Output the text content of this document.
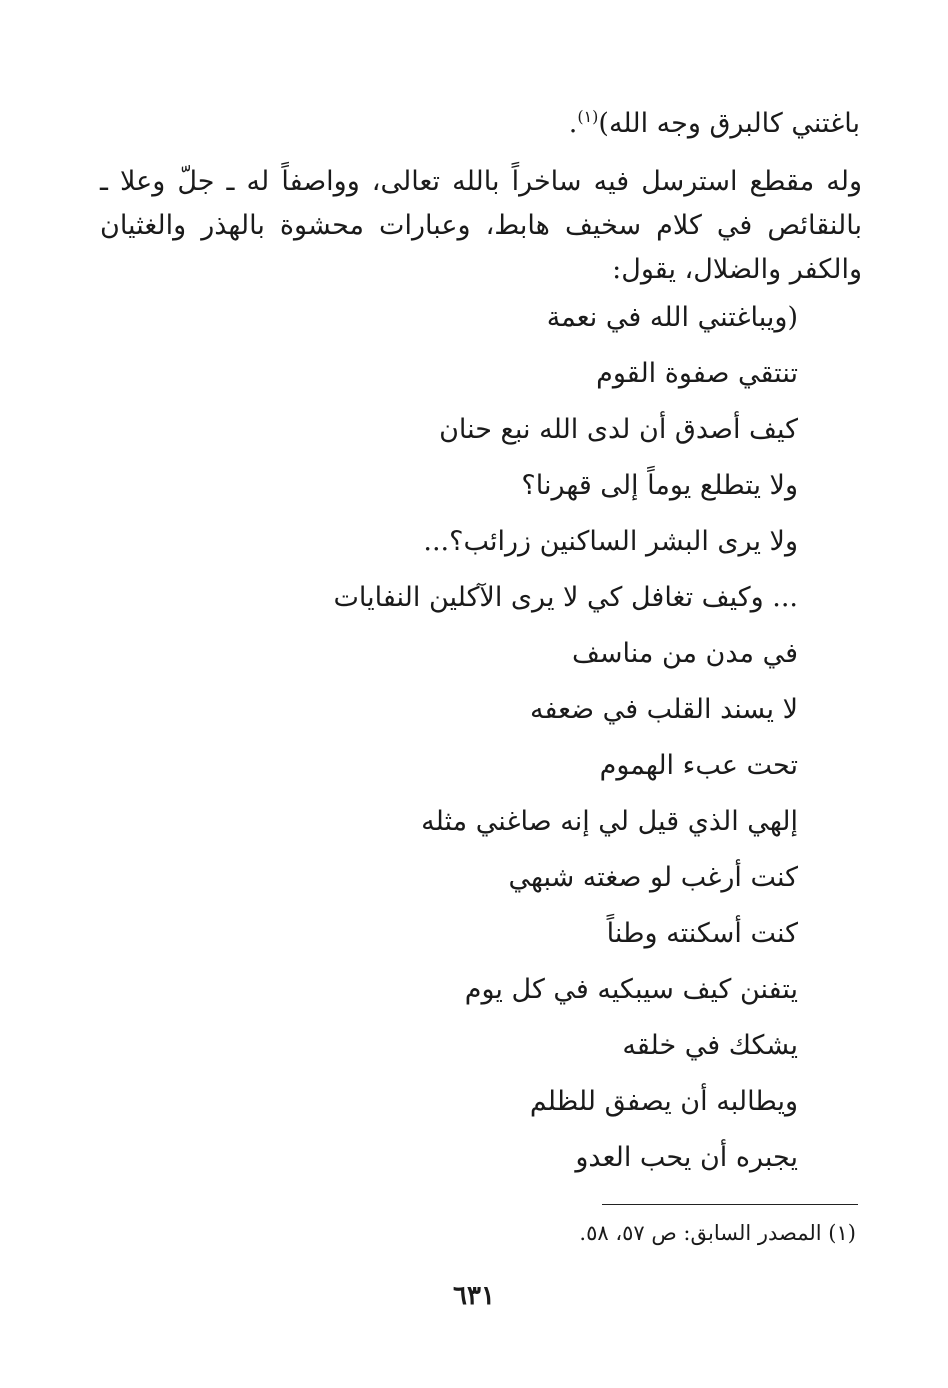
باغتني كالبرق وجه الله)$^{(١)}$.
وله مقطع استرسل فيه ساخراً بالله تعالى، وواصفاً له ـ جلّ وعلا ـ بالنقائص في كلام سخيف هابط، وعبارات محشوة بالهذر والغثيان والكفر والضلال، يقول:
(ويباغتني الله في نعمة
تنتقي صفوة القوم
كيف أصدق أن لدى الله نبع حنان
ولا يتطلع يوماً إلى قهرنا؟
ولا يرى البشر الساكنين زرائب؟...
... وكيف تغافل كي لا يرى الآكلين النفايات
في مدن من مناسف
لا يسند القلب في ضعفه
تحت عبء الهموم
إلهي الذي قيل لي إنه صاغني مثله
كنت أرغب لو صغته شبهي
كنت أسكنته وطناً
يتفنن كيف سيبكيه في كل يوم
يشكك في خلقه
ويطالبه أن يصفق للظلم
يجبره أن يحب العدو
(١) المصدر السابق: ص ٥٧، ٥٨.
٦٣١
